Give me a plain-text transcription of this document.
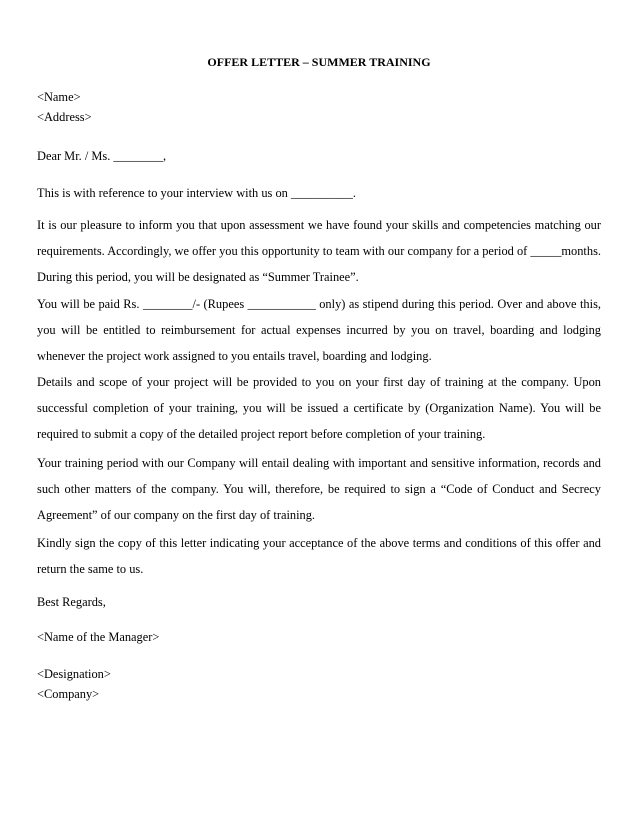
OFFER LETTER – SUMMER TRAINING
<Name>
<Address>
Dear Mr. / Ms. ________,
This is with reference to your interview with us on __________.
It is our pleasure to inform you that upon assessment we have found your skills and competencies matching our requirements. Accordingly, we offer you this opportunity to team with our company for a period of _____months. During this period, you will be designated as “Summer Trainee”.
You will be paid Rs. ________/- (Rupees ___________ only) as stipend during this period. Over and above this, you will be entitled to reimbursement for actual expenses incurred by you on travel, boarding and lodging whenever the project work assigned to you entails travel, boarding and lodging.
Details and scope of your project will be provided to you on your first day of training at the company. Upon successful completion of your training, you will be issued a certificate by (Organization Name). You will be required to submit a copy of the detailed project report before completion of your training.
Your training period with our Company will entail dealing with important and sensitive information, records and such other matters of the company. You will, therefore, be required to sign a “Code of Conduct and Secrecy Agreement” of our company on the first day of training.
Kindly sign the copy of this letter indicating your acceptance of the above terms and conditions of this offer and return the same to us.
Best Regards,
<Name of the Manager>
<Designation>
<Company>
